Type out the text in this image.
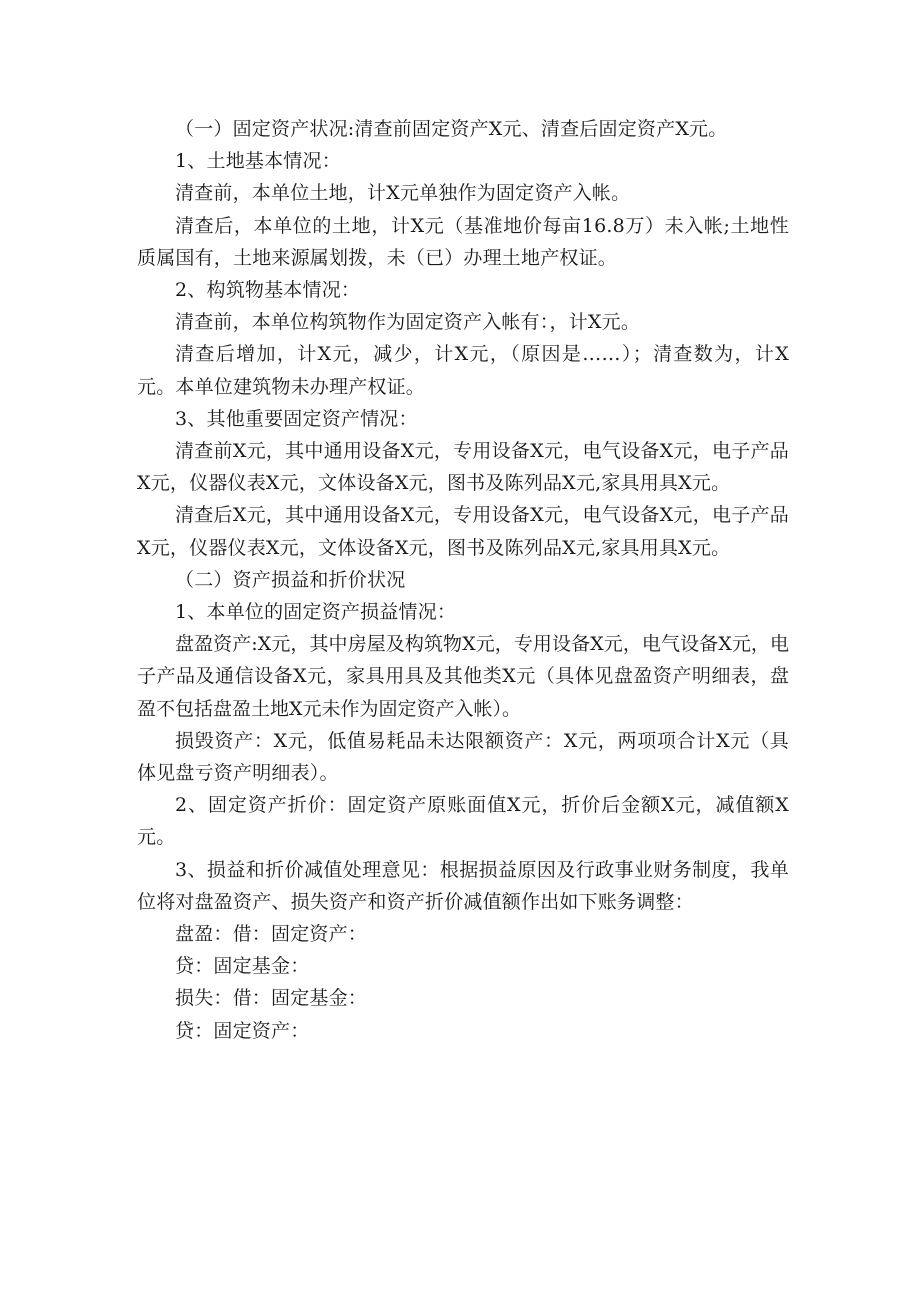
（一）固定资产状况:清查前固定资产X元、清查后固定资产X元。

1、土地基本情况：

清查前，本单位土地，计X元单独作为固定资产入帐。

清查后，本单位的土地，计X元（基准地价每亩16.8万）未入帐;土地性质属国有，土地来源属划拨，未（已）办理土地产权证。

2、构筑物基本情况：

清查前，本单位构筑物作为固定资产入帐有：，计X元。

清查后增加，计X元，减少，计X元，（原因是……）；清查数为，计X元。本单位建筑物未办理产权证。

3、其他重要固定资产情况：

清查前X元，其中通用设备X元，专用设备X元，电气设备X元，电子产品X元，仪器仪表X元，文体设备X元，图书及陈列品X元,家具用具X元。

清查后X元，其中通用设备X元，专用设备X元，电气设备X元，电子产品X元，仪器仪表X元，文体设备X元，图书及陈列品X元,家具用具X元。

（二）资产损益和折价状况

1、本单位的固定资产损益情况：

盘盈资产:X元，其中房屋及构筑物X元，专用设备X元，电气设备X元，电子产品及通信设备X元，家具用具及其他类X元（具体见盘盈资产明细表，盘盈不包括盘盈土地X元未作为固定资产入帐）。

损毁资产：X元，低值易耗品未达限额资产：X元，两项项合计X元（具体见盘亏资产明细表）。

2、固定资产折价：固定资产原账面值X元，折价后金额X元，减值额X元。

3、损益和折价减值处理意见：根据损益原因及行政事业财务制度，我单位将对盘盈资产、损失资产和资产折价减值额作出如下账务调整：

盘盈：借：固定资产：

贷：固定基金：

损失：借：固定基金：

贷：固定资产：
